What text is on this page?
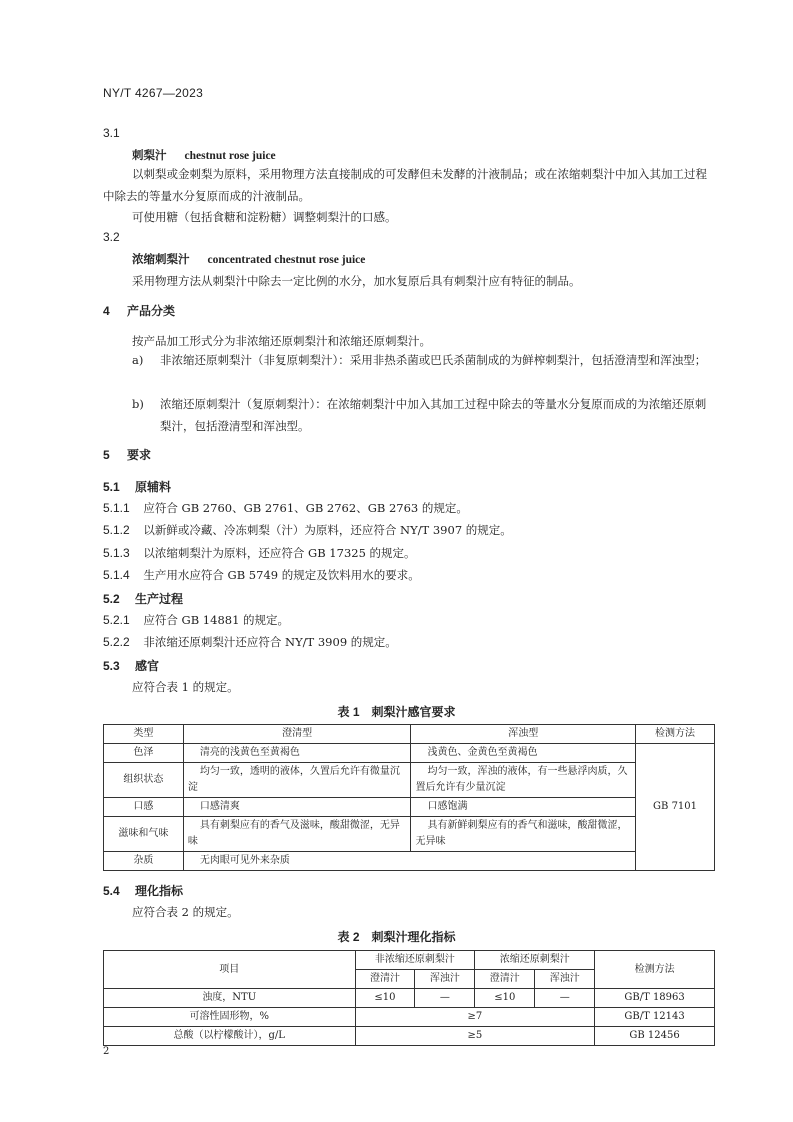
NY/T 4267—2023
3.1
刺梨汁 chestnut rose juice
以刺梨或金刺梨为原料，采用物理方法直接制成的可发酵但未发酵的汁液制品；或在浓缩刺梨汁中加入其加工过程中除去的等量水分复原而成的汁液制品。
可使用糖（包括食糖和淀粉糖）调整刺梨汁的口感。
3.2
浓缩刺梨汁 concentrated chestnut rose juice
采用物理方法从刺梨汁中除去一定比例的水分，加水复原后具有刺梨汁应有特征的制品。
4 产品分类
按产品加工形式分为非浓缩还原刺梨汁和浓缩还原刺梨汁。
a) 非浓缩还原刺梨汁（非复原刺梨汁）：采用非热杀菌或巴氏杀菌制成的为鲜榨刺梨汁，包括澄清型和浑浊型；
b) 浓缩还原刺梨汁（复原刺梨汁）：在浓缩刺梨汁中加入其加工过程中除去的等量水分复原而成的为浓缩还原刺梨汁，包括澄清型和浑浊型。
5 要求
5.1 原辅料
5.1.1 应符合 GB 2760、GB 2761、GB 2762、GB 2763 的规定。
5.1.2 以新鲜或冷藏、冷冻刺梨（汁）为原料，还应符合 NY/T 3907 的规定。
5.1.3 以浓缩刺梨汁为原料，还应符合 GB 17325 的规定。
5.1.4 生产用水应符合 GB 5749 的规定及饮料用水的要求。
5.2 生产过程
5.2.1 应符合 GB 14881 的规定。
5.2.2 非浓缩还原刺梨汁还应符合 NY/T 3909 的规定。
5.3 感官
应符合表 1 的规定。
表 1　刺梨汁感官要求
类型	澄清型	浑浊型	检测方法
色泽	清亮的浅黄色至黄褐色	浅黄色、金黄色至黄褐色	GB 7101
组织状态	均匀一致，透明的液体，久置后允许有微量沉淀	均匀一致，浑浊的液体，有一些悬浮肉质，久置后允许有少量沉淀	
口感	口感清爽	口感饱满	
滋味和气味	具有刺梨应有的香气及滋味，酸甜微涩，无异味	具有新鲜刺梨应有的香气和滋味，酸甜微涩，无异味	
杂质	无肉眼可见外来杂质		
5.4 理化指标
应符合表 2 的规定。
表 2　刺梨汁理化指标
项目	非浓缩还原刺梨汁		浓缩还原刺梨汁		检测方法
	澄清汁	浑浊汁	澄清汁	浑浊汁	
浊度，NTU	≤10	—	≤10	—	GB/T 18963
可溶性固形物，%	≥7				GB/T 12143
总酸（以柠檬酸计），g/L	≥5				GB 12456
2
